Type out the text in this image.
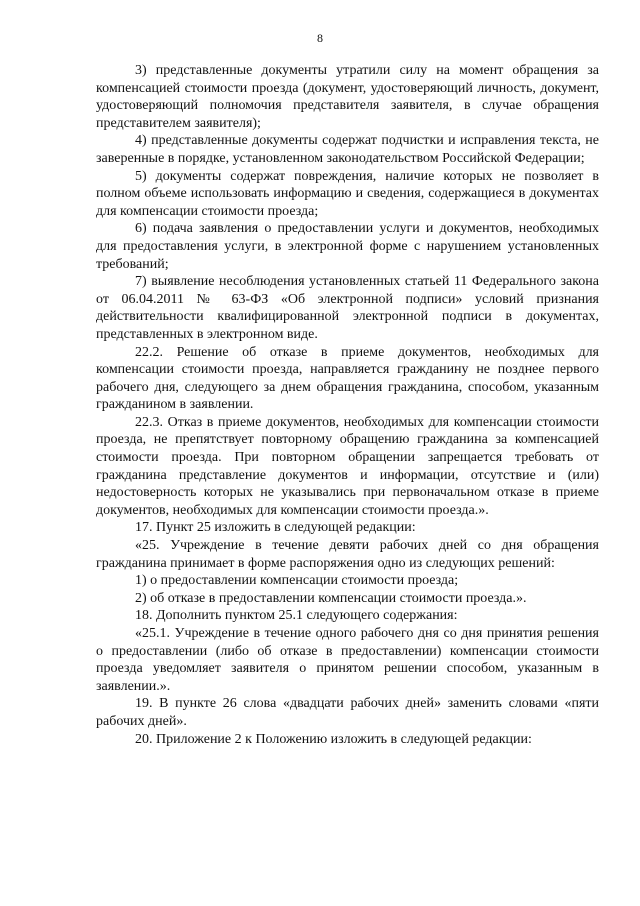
8

3) представленные документы утратили силу на момент обращения за компенсацией стоимости проезда (документ, удостоверяющий личность, документ, удостоверяющий полномочия представителя заявителя, в случае обращения представителем заявителя);

4) представленные документы содержат подчистки и исправления текста, не заверенные в порядке, установленном законодательством Российской Федерации;

5) документы содержат повреждения, наличие которых не позволяет в полном объеме использовать информацию и сведения, содержащиеся в документах для компенсации стоимости проезда;

6) подача заявления о предоставлении услуги и документов, необходимых для предоставления услуги, в электронной форме с нарушением установленных требований;

7) выявление несоблюдения установленных статьей 11 Федерального закона от 06.04.2011 № 63-ФЗ «Об электронной подписи» условий признания действительности квалифицированной электронной подписи в документах, представленных в электронном виде.

22.2. Решение об отказе в приеме документов, необходимых для компенсации стоимости проезда, направляется гражданину не позднее первого рабочего дня, следующего за днем обращения гражданина, способом, указанным гражданином в заявлении.

22.3. Отказ в приеме документов, необходимых для компенсации стоимости проезда, не препятствует повторному обращению гражданина за компенсацией стоимости проезда. При повторном обращении запрещается требовать от гражданина представление документов и информации, отсутствие и (или) недостоверность которых не указывались при первоначальном отказе в приеме документов, необходимых для компенсации стоимости проезда.».

17. Пункт 25 изложить в следующей редакции:

«25. Учреждение в течение девяти рабочих дней со дня обращения гражданина принимает в форме распоряжения одно из следующих решений:

1) о предоставлении компенсации стоимости проезда;

2) об отказе в предоставлении компенсации стоимости проезда.».

18. Дополнить пунктом 25.1 следующего содержания:

«25.1. Учреждение в течение одного рабочего дня со дня принятия решения о предоставлении (либо об отказе в предоставлении) компенсации стоимости проезда уведомляет заявителя о принятом решении способом, указанным в заявлении.».

19. В пункте 26 слова «двадцати рабочих дней» заменить словами «пяти рабочих дней».

20. Приложение 2 к Положению изложить в следующей редакции:
